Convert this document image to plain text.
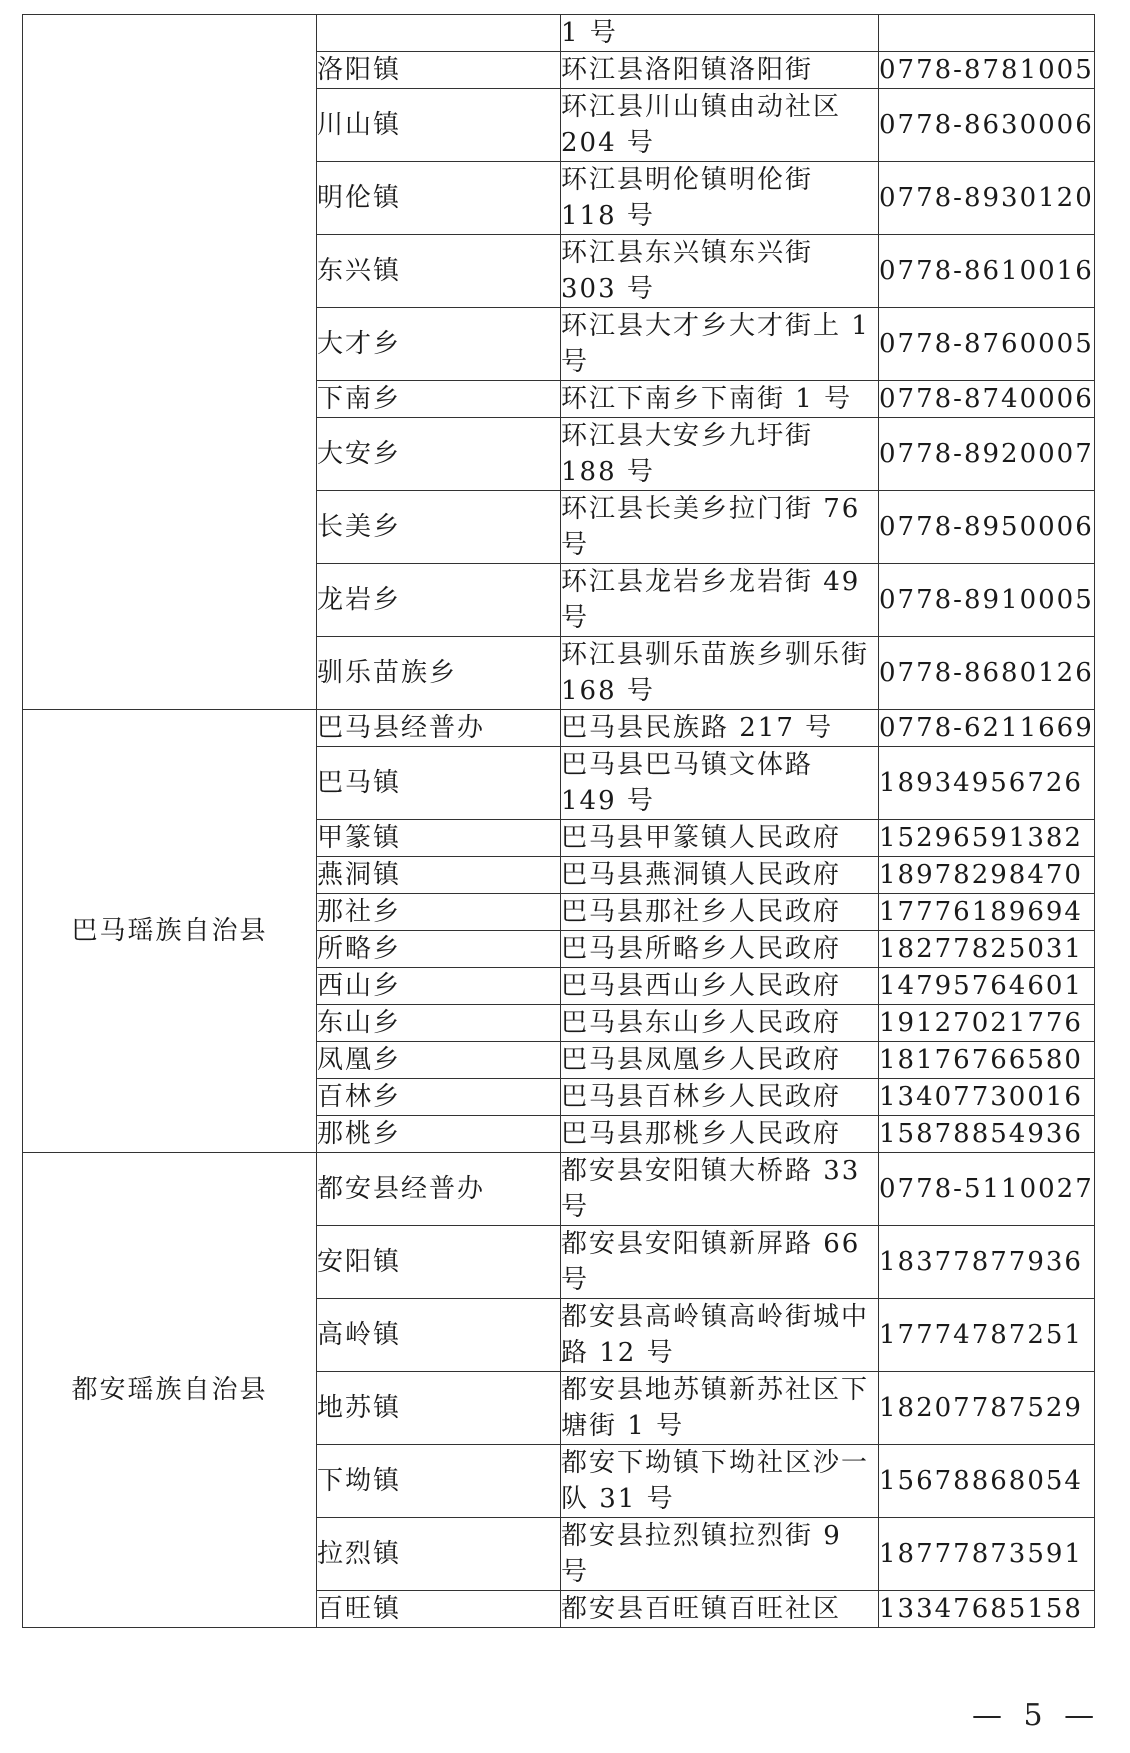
		1 号	
	洛阳镇	环江县洛阳镇洛阳街	0778-8781005
	川山镇	环江县川山镇由动社区 204 号	0778-8630006
	明伦镇	环江县明伦镇明伦街 118 号	0778-8930120
	东兴镇	环江县东兴镇东兴街 303 号	0778-8610016
	大才乡	环江县大才乡大才街上 1 号	0778-8760005
	下南乡	环江下南乡下南街 1 号	0778-8740006
	大安乡	环江县大安乡九圩街 188 号	0778-8920007
	长美乡	环江县长美乡拉门街 76 号	0778-8950006
	龙岩乡	环江县龙岩乡龙岩街 49 号	0778-8910005
	驯乐苗族乡	环江县驯乐苗族乡驯乐街 168 号	0778-8680126
巴马瑶族自治县	巴马县经普办	巴马县民族路 217 号	0778-6211669
	巴马镇	巴马县巴马镇文体路 149 号	18934956726
	甲篆镇	巴马县甲篆镇人民政府	15296591382
	燕洞镇	巴马县燕洞镇人民政府	18978298470
	那社乡	巴马县那社乡人民政府	17776189694
	所略乡	巴马县所略乡人民政府	18277825031
	西山乡	巴马县西山乡人民政府	14795764601
	东山乡	巴马县东山乡人民政府	19127021776
	凤凰乡	巴马县凤凰乡人民政府	18176766580
	百林乡	巴马县百林乡人民政府	13407730016
	那桃乡	巴马县那桃乡人民政府	15878854936
都安瑶族自治县	都安县经普办	都安县安阳镇大桥路 33 号	0778-5110027
	安阳镇	都安县安阳镇新屏路 66 号	18377877936
	高岭镇	都安县高岭镇高岭街城中路 12 号	17774787251
	地苏镇	都安县地苏镇新苏社区下塘街 1 号	18207787529
	下坳镇	都安下坳镇下坳社区沙一队 31 号	15678868054
	拉烈镇	都安县拉烈镇拉烈街 9 号	18777873591
	百旺镇	都安县百旺镇百旺社区	13347685158
— 5 —
